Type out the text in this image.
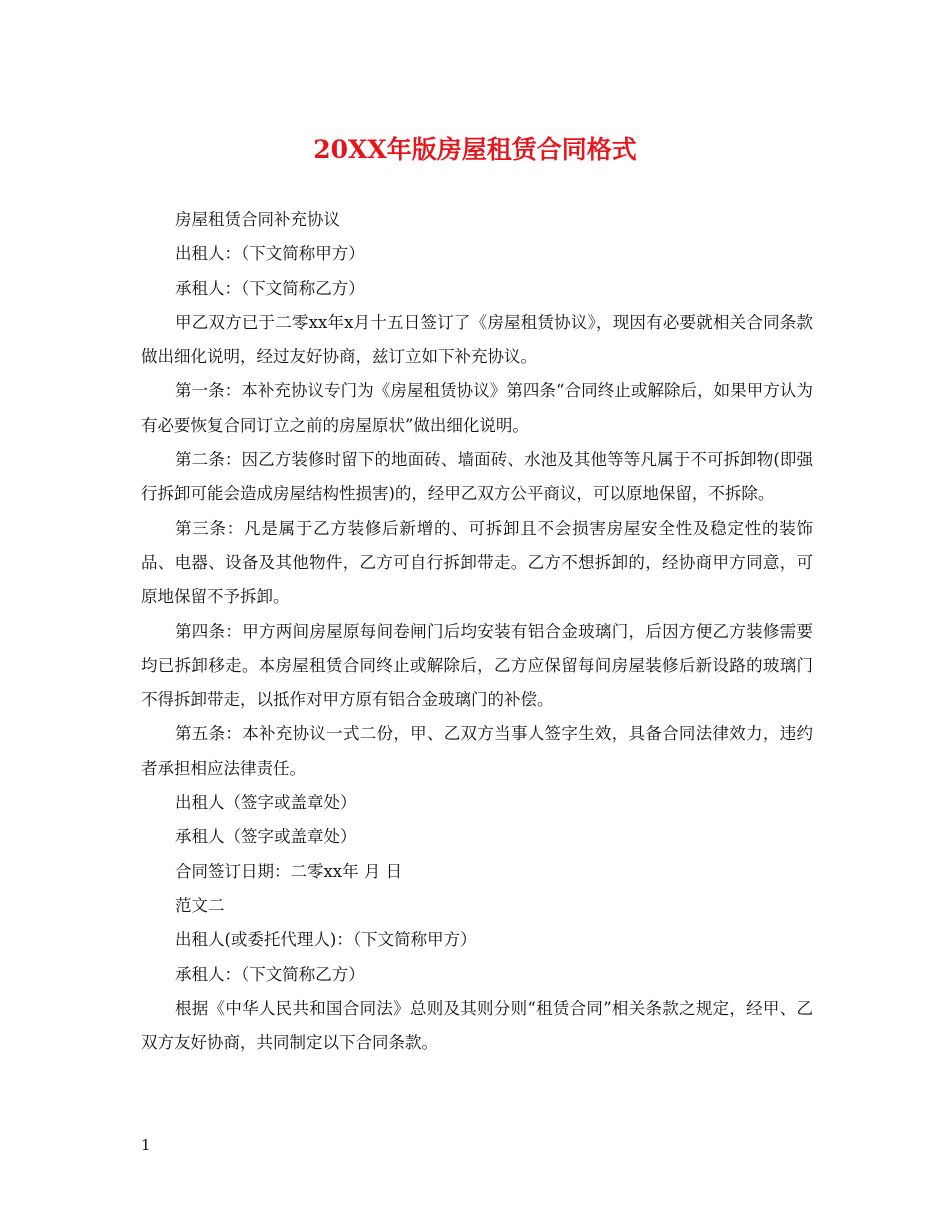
20XX年版房屋租赁合同格式

房屋租赁合同补充协议

出租人：（下文简称甲方）

承租人：（下文简称乙方）

甲乙双方已于二零xx年x月十五日签订了《房屋租赁协议》，现因有必要就相关合同条款做出细化说明，经过友好协商，兹订立如下补充协议。

第一条：本补充协议专门为《房屋租赁协议》第四条“合同终止或解除后，如果甲方认为有必要恢复合同订立之前的房屋原状”做出细化说明。

第二条：因乙方装修时留下的地面砖、墙面砖、水池及其他等等凡属于不可拆卸物(即强行拆卸可能会造成房屋结构性损害)的，经甲乙双方公平商议，可以原地保留，不拆除。

第三条：凡是属于乙方装修后新增的、可拆卸且不会损害房屋安全性及稳定性的装饰品、电器、设备及其他物件，乙方可自行拆卸带走。乙方不想拆卸的，经协商甲方同意，可原地保留不予拆卸。

第四条：甲方两间房屋原每间卷闸门后均安装有铝合金玻璃门，后因方便乙方装修需要均已拆卸移走。本房屋租赁合同终止或解除后，乙方应保留每间房屋装修后新设路的玻璃门不得拆卸带走，以抵作对甲方原有铝合金玻璃门的补偿。

第五条：本补充协议一式二份，甲、乙双方当事人签字生效，具备合同法律效力，违约者承担相应法律责任。

出租人（签字或盖章处）

承租人（签字或盖章处）

合同签订日期：二零xx年 月 日

范文二

出租人(或委托代理人)：（下文简称甲方）

承租人：（下文简称乙方）

根据《中华人民共和国合同法》总则及其则分则“租赁合同”相关条款之规定，经甲、乙双方友好协商，共同制定以下合同条款。

1
